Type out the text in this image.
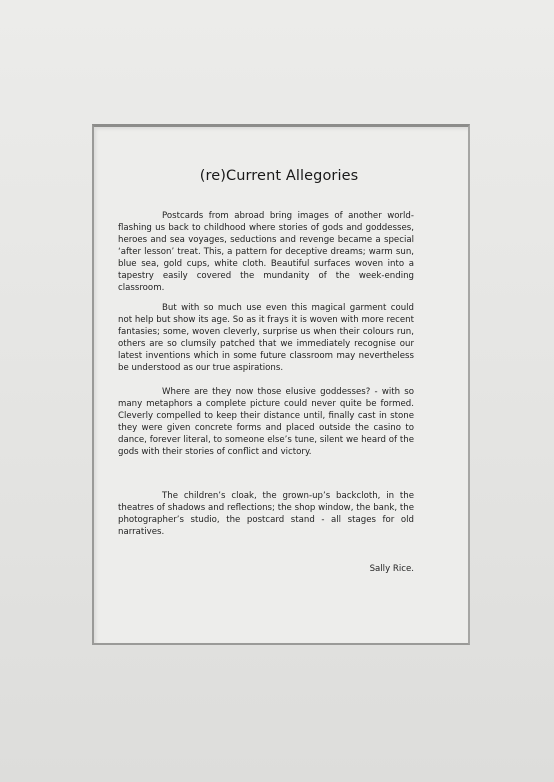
(re)Current Allegories

Postcards from abroad bring images of another world-flashing us back to childhood where stories of gods and goddesses, heroes and sea voyages, seductions and revenge became a special ‘after lesson’ treat. This, a pattern for deceptive dreams; warm sun, blue sea, gold cups, white cloth. Beautiful surfaces woven into a tapestry easily covered the mundanity of the week-ending classroom.

But with so much use even this magical garment could not help but show its age. So as it frays it is woven with more recent fantasies; some, woven cleverly, surprise us when their colours run, others are so clumsily patched that we immediately recognise our latest inventions which in some future classroom may nevertheless be understood as our true aspirations.

Where are they now those elusive goddesses? - with so many metaphors a complete picture could never quite be formed. Cleverly compelled to keep their distance until, finally cast in stone they were given concrete forms and placed outside the casino to dance, forever literal, to someone else’s tune, silent we heard of the gods with their stories of conflict and victory.

The children’s cloak, the grown-up’s backcloth, in the theatres of shadows and reflections; the shop window, the bank, the photographer’s studio, the postcard stand - all stages for old narratives.

Sally Rice.
